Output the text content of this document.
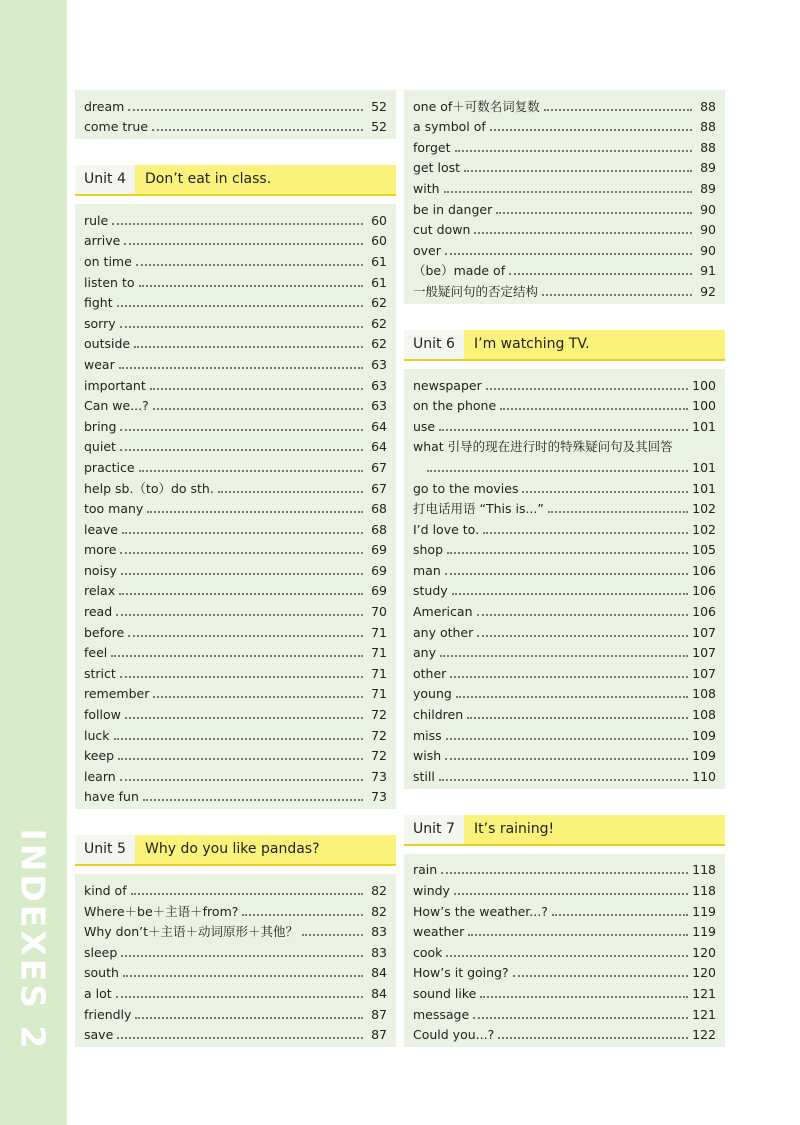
INDEXES 2
dream	52
come true	52
Unit 4	Don’t eat in class.
rule	60
arrive	60
on time	61
listen to	61
fight	62
sorry	62
outside	62
wear	63
important	63
Can we...?	63
bring	64
quiet	64
practice	67
help sb.（to）do sth.	67
too many	68
leave	68
more	69
noisy	69
relax	69
read	70
before	71
feel	71
strict	71
remember	71
follow	72
luck	72
keep	72
learn	73
have fun	73
Unit 5	Why do you like pandas?
kind of	82
Where＋be＋主语＋from?	82
Why don’t＋主语＋动词原形＋其他？	83
sleep	83
south	84
a lot	84
friendly	87
save	87
one of＋可数名词复数	88
a symbol of	88
forget	88
get lost	89
with	89
be in danger	90
cut down	90
over	90
（be）made of	91
一般疑问句的否定结构	92
Unit 6	I’m watching TV.
newspaper	100
on the phone	100
use	101
what 引导的现在进行时的特殊疑问句及其回答
101
go to the movies	101
打电话用语 “This is...”	102
I’d love to.	102
shop	105
man	106
study	106
American	106
any other	107
any	107
other	107
young	108
children	108
miss	109
wish	109
still	110
Unit 7	It’s raining!
rain	118
windy	118
How’s the weather...?	119
weather	119
cook	120
How’s it going?	120
sound like	121
message	121
Could you...?	122
